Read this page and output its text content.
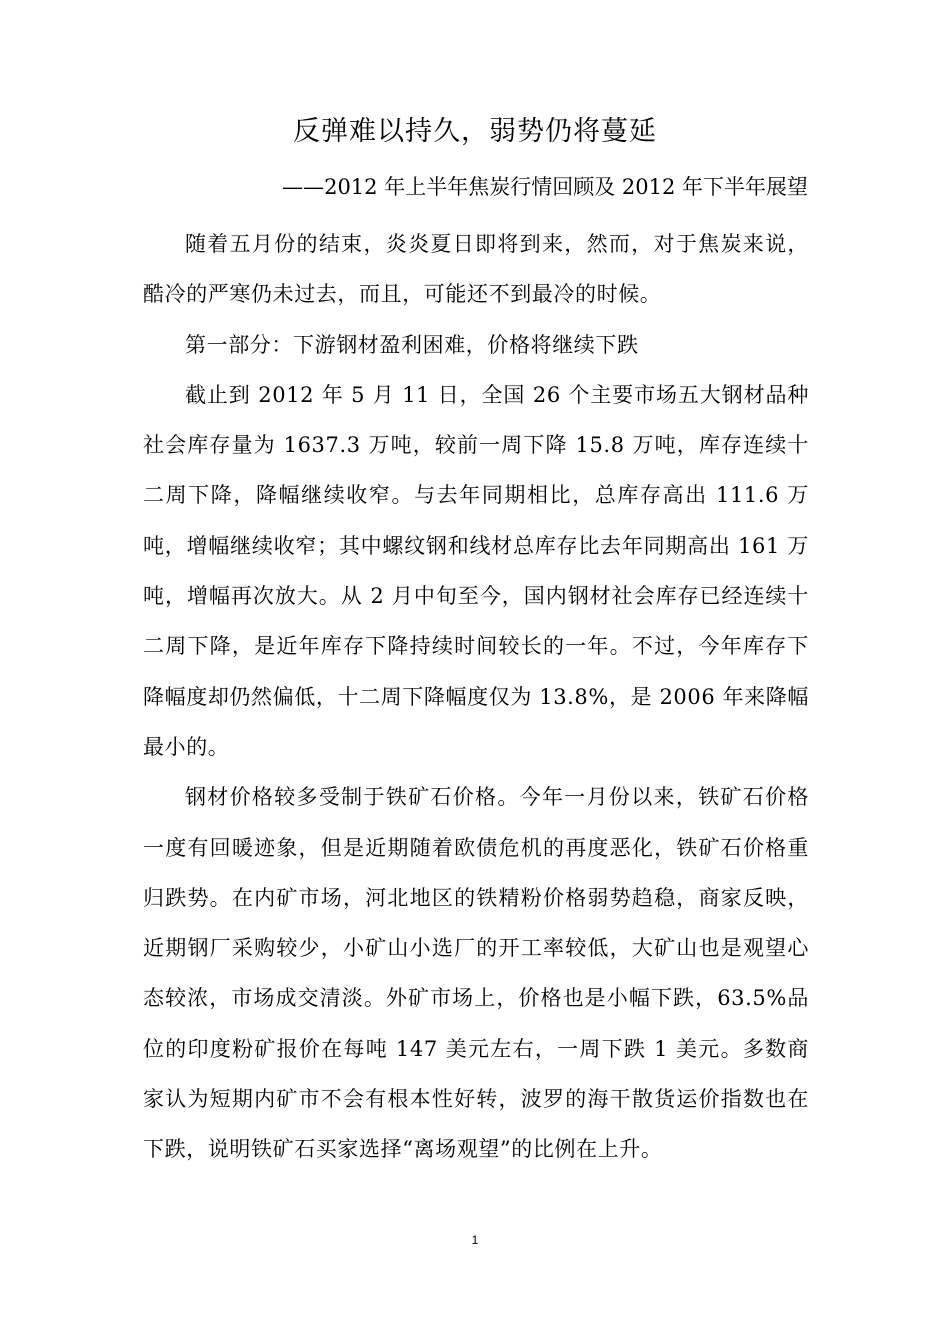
反弹难以持久，弱势仍将蔓延
——2012 年上半年焦炭行情回顾及 2012 年下半年展望

随着五月份的结束，炎炎夏日即将到来，然而，对于焦炭来说，酷冷的严寒仍未过去，而且，可能还不到最冷的时候。

第一部分：下游钢材盈利困难，价格将继续下跌

截止到 2012 年 5 月 11 日，全国 26 个主要市场五大钢材品种社会库存量为 1637.3 万吨，较前一周下降 15.8 万吨，库存连续十二周下降，降幅继续收窄。与去年同期相比，总库存高出 111.6 万吨，增幅继续收窄；其中螺纹钢和线材总库存比去年同期高出 161 万吨，增幅再次放大。从 2 月中旬至今，国内钢材社会库存已经连续十二周下降，是近年库存下降持续时间较长的一年。不过，今年库存下降幅度却仍然偏低，十二周下降幅度仅为 13.8%，是 2006 年来降幅最小的。

钢材价格较多受制于铁矿石价格。今年一月份以来，铁矿石价格一度有回暖迹象，但是近期随着欧债危机的再度恶化，铁矿石价格重归跌势。在内矿市场，河北地区的铁精粉价格弱势趋稳，商家反映，近期钢厂采购较少，小矿山小选厂的开工率较低，大矿山也是观望心态较浓，市场成交清淡。外矿市场上，价格也是小幅下跌，63.5%品位的印度粉矿报价在每吨 147 美元左右，一周下跌 1 美元。多数商家认为短期内矿市不会有根本性好转，波罗的海干散货运价指数也在下跌，说明铁矿石买家选择“离场观望”的比例在上升。

1
